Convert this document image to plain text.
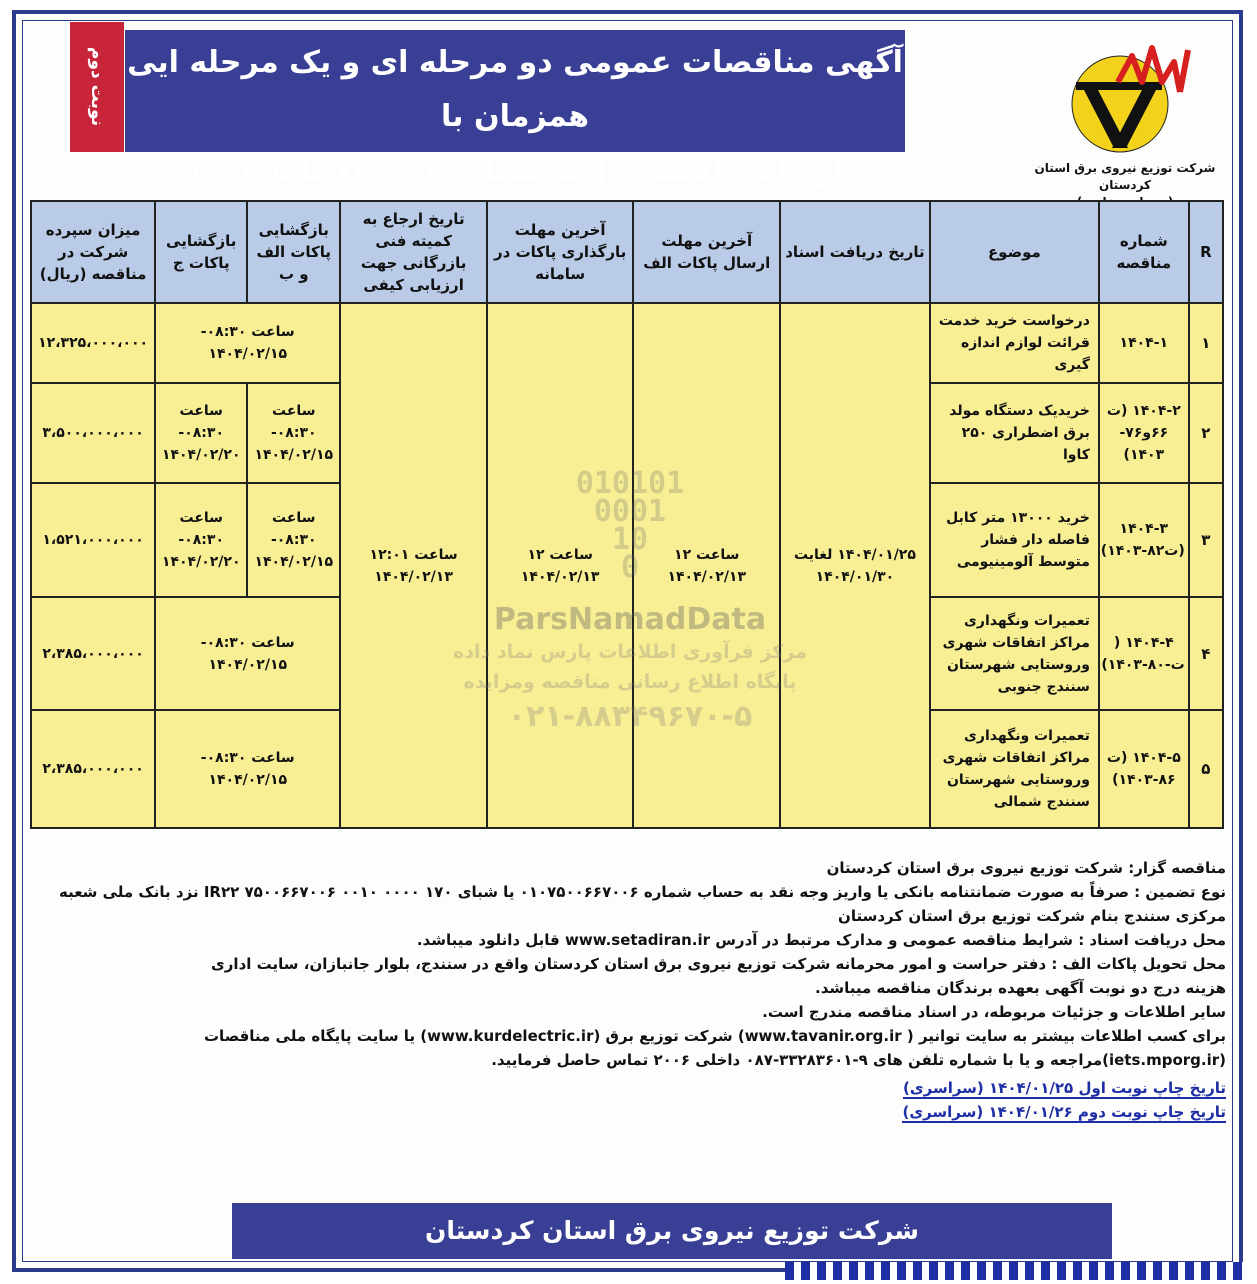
نوبت دوم آگهی مناقصات عمومی دو مرحله ای و یک مرحله ایی همزمان با
ارزیابی (فشرده) به شماره ۱-۱۴۰۴ تا ۵-۱۴۰۴	شرکت توزیع نیروی برق استان کردستان
R	شماره مناقصه	موضوع	تاریخ دریافت اسناد	آخرین مهلت ارسال پاکات الف	آخرین مهلت بارگذاری پاکات در سامانه	تاریخ ارجاع به کمیته فنی بازرگانی جهت ارزیابی کیفی	بازگشایی پاکات الف و ب	بازگشایی پاکات ج	میزان سپرده شرکت در مناقصه (ریال)
۱	۱۴۰۴-۱	درخواست خرید خدمت قرائت لوازم اندازه گیری	۱۴۰۴/۰۱/۲۵ لغایت ۱۴۰۴/۰۱/۳۰	ساعت ۱۲ ۱۴۰۴/۰۲/۱۳	ساعت ۱۲ ۱۴۰۴/۰۲/۱۳	ساعت ۱۲:۰۱ ۱۴۰۴/۰۲/۱۳	ساعت ۰۸:۳۰- ۱۴۰۴/۰۲/۱۵		۱۲،۳۲۵،۰۰۰،۰۰۰
۲	۱۴۰۴-۲ (ت ۶۶و۷۶- ۱۴۰۳)	خریدیک دستگاه مولد برق اضطراری ۲۵۰ کاوا					ساعت ۰۸:۳۰- ۱۴۰۴/۰۲/۱۵	ساعت ۰۸:۳۰- ۱۴۰۴/۰۲/۲۰	۳،۵۰۰،۰۰۰،۰۰۰
۳	۱۴۰۴-۳ (ت۸۲-۱۴۰۳)	خرید ۱۳۰۰۰ متر کابل فاصله دار فشار متوسط آلومینیومی					ساعت ۰۸:۳۰- ۱۴۰۴/۰۲/۱۵	ساعت ۰۸:۳۰- ۱۴۰۴/۰۲/۲۰	۱،۵۲۱،۰۰۰،۰۰۰
۴	۱۴۰۴-۴ ( ت-۸۰-۱۴۰۳)	تعمیرات ونگهداری مراکز اتفاقات شهری وروستایی شهرستان سنندج جنوبی					ساعت ۰۸:۳۰- ۱۴۰۴/۰۲/۱۵		۲،۳۸۵،۰۰۰،۰۰۰
۵	۱۴۰۴-۵ (ت ۸۶-۱۴۰۳)	تعمیرات ونگهداری مراکز اتفاقات شهری وروستایی شهرستان سنندج شمالی					ساعت ۰۸:۳۰- ۱۴۰۴/۰۲/۱۵		۲،۳۸۵،۰۰۰،۰۰۰
010101
0001
10
0
ParsNamadData
مرکز فرآوری اطلاعات پارس نماد داده
پایگاه اطلاع رسانی مناقصه ومزایده
۰۲۱-۸۸۳۴۹۶۷۰-۵

مناقصه گزار: شرکت توزیع نیروی برق استان کردستان

نوع تضمین : صرفاً به صورت ضمانتنامه بانکی یا واریز وجه نقد به حساب شماره ۰۱۰۷۵۰۰۶۶۷۰۰۶ یا شبای ۱۷۰ ۰۰۰۰ ۰۰۱۰ ۷۵۰۰۶۶۷۰۰۶ IR۲۲ نزد بانک ملی شعبه مرکزی سنندج بنام شرکت توزیع برق استان کردستان

محل دریافت اسناد : شرایط مناقصه عمومی و مدارک مرتبط در آدرس www.setadiran.ir قابل دانلود میباشد.

محل تحویل پاکات الف : دفتر حراست و امور محرمانه شرکت توزیع نیروی برق استان کردستان واقع در سنندج، بلوار جانبازان، سایت اداری

هزینه درج دو نوبت آگهی بعهده برندگان مناقصه میباشد.

سایر اطلاعات و جزئیات مربوطه، در اسناد مناقصه مندرج است.

برای کسب اطلاعات بیشتر به سایت توانیر ( www.tavanir.org.ir) شرکت توزیع برق (www.kurdelectric.ir) یا سایت پایگاه ملی مناقصات (iets.mporg.ir)مراجعه و یا با شماره تلفن های ۹-۳۳۲۸۳۶۰۱-۰۸۷ داخلی ۲۰۰۶ تماس حاصل فرمایید.

تاریخ چاپ نوبت اول ۱۴۰۴/۰۱/۲۵ (سراسری)

تاریخ چاپ نوبت دوم ۱۴۰۴/۰۱/۲۶ (سراسری)

شرکت توزیع نیروی برق استان کردستان
